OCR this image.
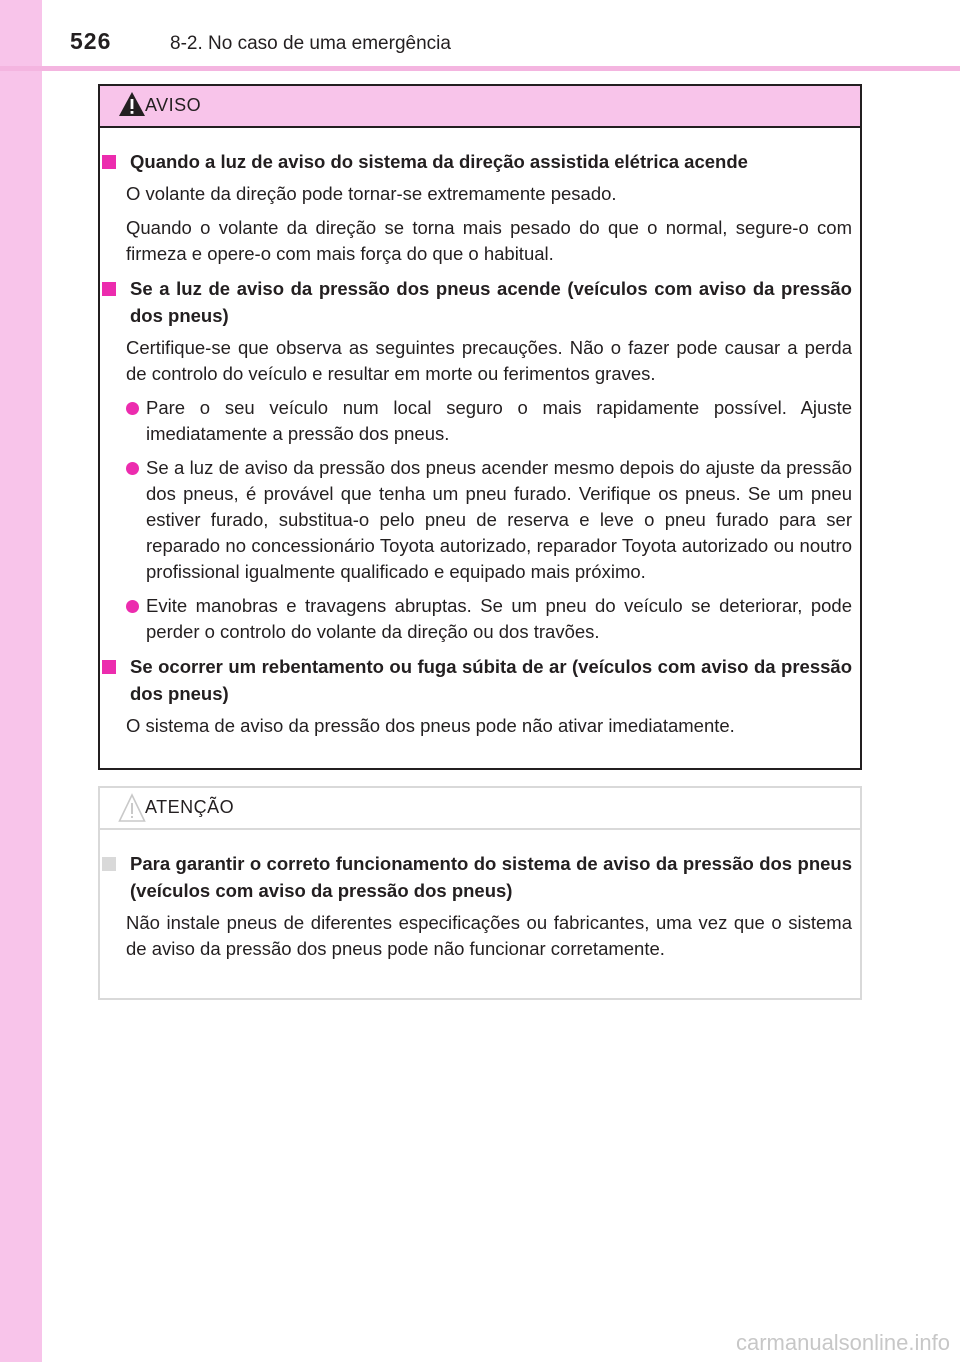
526	8-2. No caso de uma emergência
AVISO
Quando a luz de aviso do sistema da direção assistida elétrica acende
O volante da direção pode tornar-se extremamente pesado.
Quando o volante da direção se torna mais pesado do que o normal, segure-o com firmeza e opere-o com mais força do que o habitual.
Se a luz de aviso da pressão dos pneus acende (veículos com aviso da pressão dos pneus)
Certifique-se que observa as seguintes precauções. Não o fazer pode causar a perda de controlo do veículo e resultar em morte ou ferimentos graves.
Pare o seu veículo num local seguro o mais rapidamente possível. Ajuste imediatamente a pressão dos pneus.
Se a luz de aviso da pressão dos pneus acender mesmo depois do ajuste da pressão dos pneus, é provável que tenha um pneu furado. Verifique os pneus. Se um pneu estiver furado, substitua-o pelo pneu de reserva e leve o pneu furado para ser reparado no concessionário Toyota autorizado, reparador Toyota autorizado ou noutro profissional igualmente qualificado e equipado mais próximo.
Evite manobras e travagens abruptas. Se um pneu do veículo se deteriorar, pode perder o controlo do volante da direção ou dos travões.
Se ocorrer um rebentamento ou fuga súbita de ar (veículos com aviso da pressão dos pneus)
O sistema de aviso da pressão dos pneus pode não ativar imediatamente.
ATENÇÃO
Para garantir o correto funcionamento do sistema de aviso da pressão dos pneus (veículos com aviso da pressão dos pneus)
Não instale pneus de diferentes especificações ou fabricantes, uma vez que o sistema de aviso da pressão dos pneus pode não funcionar corretamente.
carmanualsonline.info
